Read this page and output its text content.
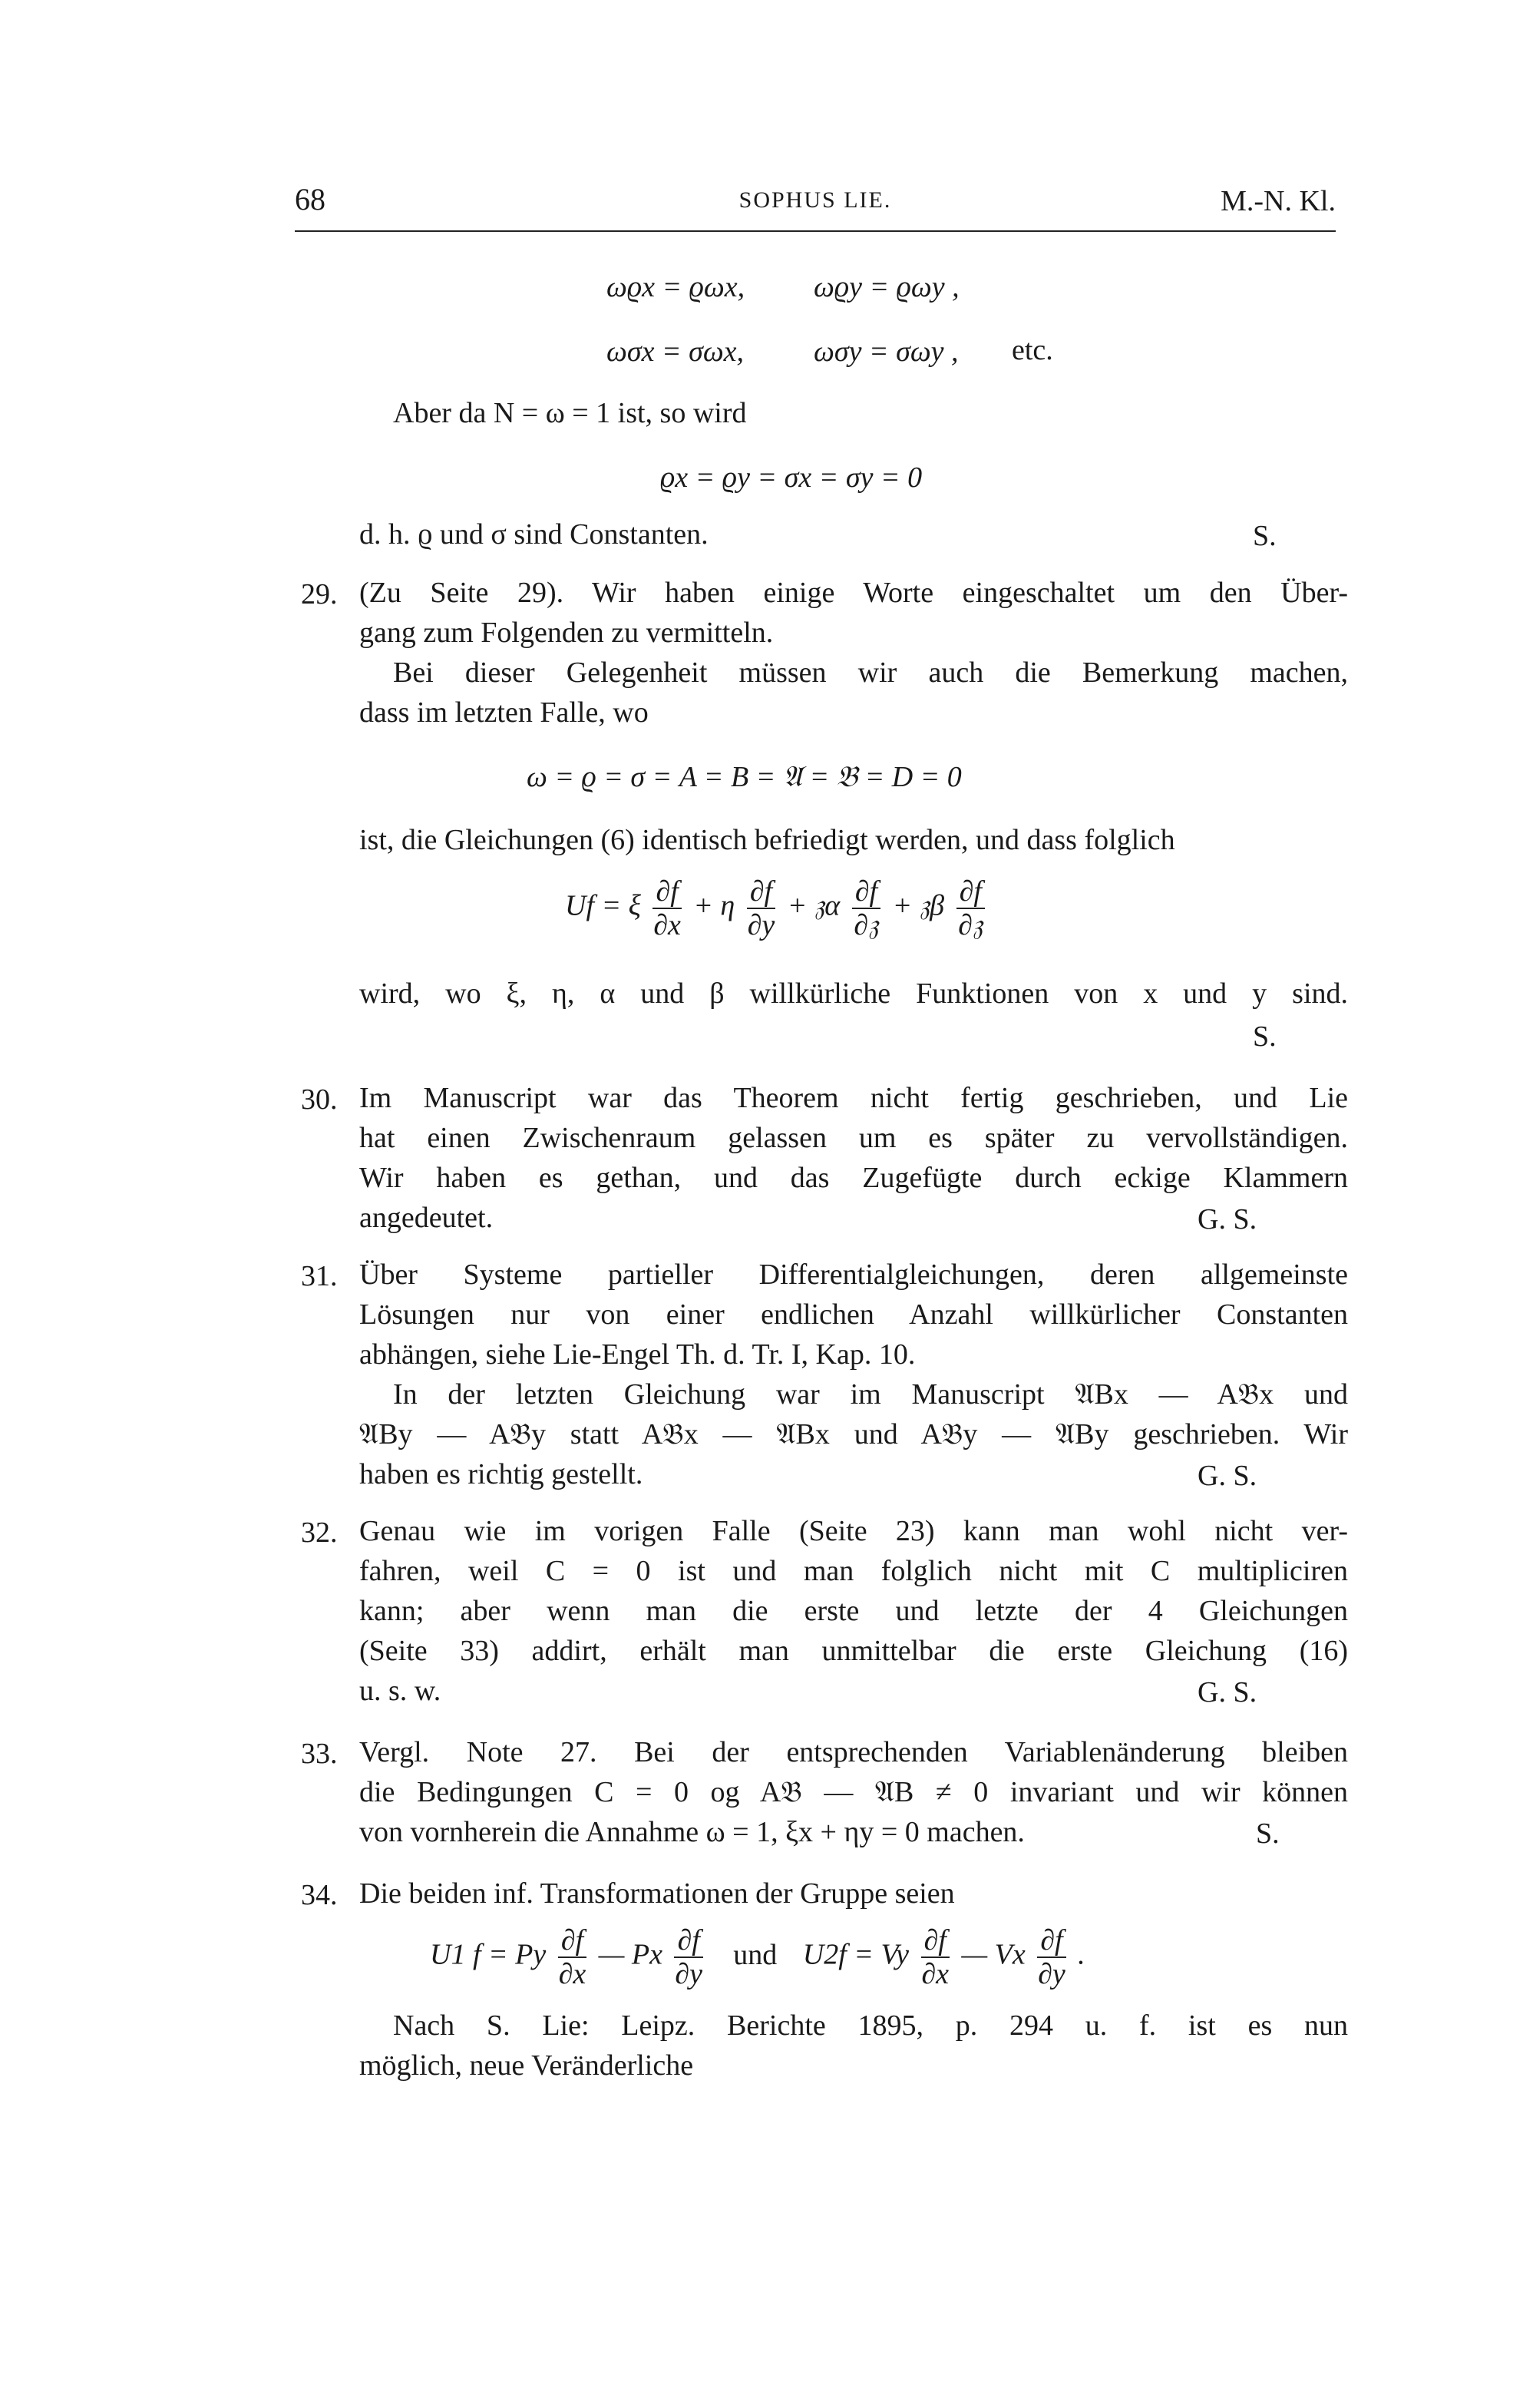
68	SOPHUS LIE.	M.-N. Kl.
ωϱx = ϱωx, ωϱy = ϱωy ,
ωσx = σωx, ωσy = σωy , etc.
Aber da N = ω = 1 ist, so wird
ϱx = ϱy = σx = σy = 0
d. h. ϱ und σ sind Constanten.	S.
29. (Zu Seite 29). Wir haben einige Worte eingeschaltet um den Über-
gang zum Folgenden zu vermitteln.
Bei dieser Gelegenheit müssen wir auch die Bemerkung machen,
dass im letzten Falle, wo
ω = ϱ = σ = A = B = 𝔄 = 𝔅 = D = 0
ist, die Gleichungen (6) identisch befriedigt werden, und dass folglich
Uf = ξ $\frac{\partial f}{\partial x} + \eta \frac{\partial f}{\partial y}$ + 𝔷α $\frac{\partial f}{\text{∂𝔷}}$ + 𝔷β $\frac{\partial f}{\text{∂𝔷}}$
wird, wo ξ, η, α und β willkürliche Funktionen von x und y sind.
S.
30. Im Manuscript war das Theorem nicht fertig geschrieben, und Lie
hat einen Zwischenraum gelassen um es später zu vervollständigen.
Wir haben es gethan, und das Zugefügte durch eckige Klammern
angedeutet.	G. S.
31. Über Systeme partieller Differentialgleichungen, deren allgemeinste
Lösungen nur von einer endlichen Anzahl willkürlicher Constanten
abhängen, siehe Lie-Engel Th. d. Tr. I, Kap. 10.
In der letzten Gleichung war im Manuscript 𝔄Bx — A𝔅x und
𝔄By — A𝔅y statt A𝔅x — 𝔄Bx und A𝔅y — 𝔄By geschrieben. Wir
haben es richtig gestellt.	G. S.
32. Genau wie im vorigen Falle (Seite 23) kann man wohl nicht ver-
fahren, weil C = 0 ist und man folglich nicht mit C multipliciren
kann; aber wenn man die erste und letzte der 4 Gleichungen
(Seite 33) addirt, erhält man unmittelbar die erste Gleichung (16)
u. s. w.	G. S.
33. Vergl. Note 27. Bei der entsprechenden Variablenänderung bleiben
die Bedingungen C = 0 og A𝔅 — 𝔄B ≠ 0 invariant und wir können
von vornherein die Annahme ω = 1, ξx + ηy = 0 machen.	S.
34. Die beiden inf. Transformationen der Gruppe seien
U1 f = Py $\frac{\partial f}{\partial x}$ — Px $\frac{\partial f}{\partial y}$ und U2f = Vy $\frac{\partial f}{\partial x}$ — Vx $\frac{\partial f}{\partial y}$ .
Nach S. Lie: Leipz. Berichte 1895, p. 294 u. f. ist es nun
möglich, neue Veränderliche
